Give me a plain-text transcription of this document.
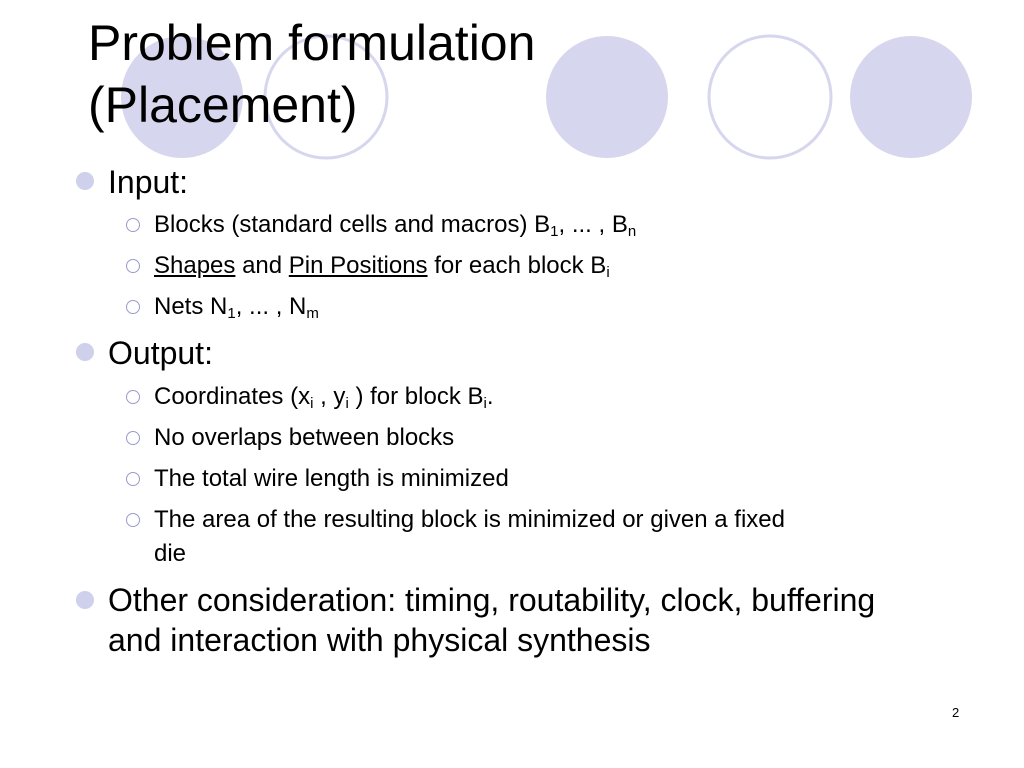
Problem formulation
(Placement)
Input:
Blocks (standard cells and macros) $B_1$, ... , $B_n$
Shapes and Pin Positions for each block $B_i$
Nets $N_1$, ... , $N_m$
Output:
Coordinates ($x_i$ , $y_i$ ) for block $B_i$.
No overlaps between blocks
The total wire length is minimized
The area of the resulting block is minimized or given a fixed
die
Other consideration: timing, routability, clock, buffering
and interaction with physical synthesis
2
